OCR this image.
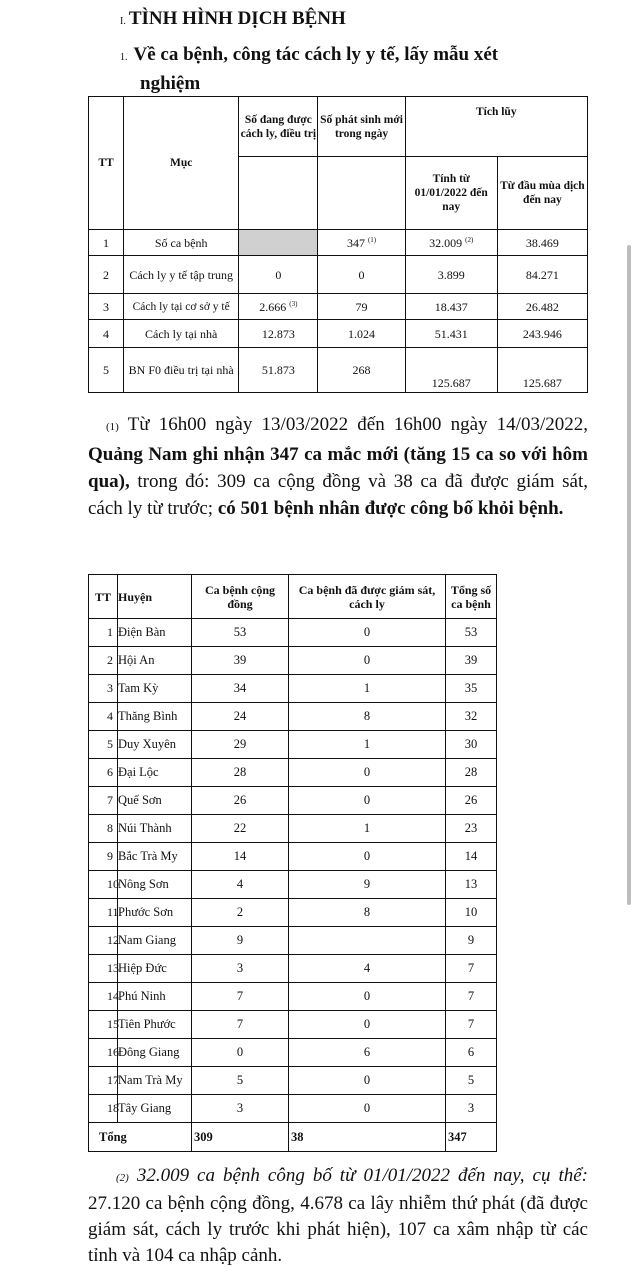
I. TÌNH HÌNH DỊCH BỆNH
1. Về ca bệnh, công tác cách ly y tế, lấy mẫu xét
nghiệm
TT	Mục	Số đang được cách ly, điều trị	Số phát sinh mới trong ngày	Tích lũy	
				Tính từ 01/01/2022 đến nay	Từ đầu mùa dịch đến nay
1	Số ca bệnh		347 $^{(1)}$	32.009 $^{(2)}$	38.469
2	Cách ly y tế tập trung	0	0	3.899	84.271
3	Cách ly tại cơ sở y tế	2.666 $^{(3)}$	79	18.437	26.482
4	Cách ly tại nhà	12.873	1.024	51.431	243.946
5	BN F0 điều trị tại nhà	51.873	268	125.687	125.687
(1) Từ 16h00 ngày 13/03/2022 đến 16h00 ngày 14/03/2022, Quảng Nam ghi nhận 347 ca mắc mới (tăng 15 ca so với hôm qua), trong đó: 309 ca cộng đồng và 38 ca đã được giám sát, cách ly từ trước; có 501 bệnh nhân được công bố khỏi bệnh.
TT	Huyện	Ca bệnh cộng đồng	Ca bệnh đã được giám sát, cách ly	Tổng số ca bệnh
1	Điện Bàn	53	0	53
2	Hội An	39	0	39
3	Tam Kỳ	34	1	35
4	Thăng Bình	24	8	32
5	Duy Xuyên	29	1	30
6	Đại Lộc	28	0	28
7	Quế Sơn	26	0	26
8	Núi Thành	22	1	23
9	Bắc Trà My	14	0	14
10	Nông Sơn	4	9	13
11	Phước Sơn	2	8	10
12	Nam Giang	9		9
13	Hiệp Đức	3	4	7
14	Phú Ninh	7	0	7
15	Tiên Phước	7	0	7
16	Đông Giang	0	6	6
17	Nam Trà My	5	0	5
18	Tây Giang	3	0	3
Tổng		309	38	347
(2) 32.009 ca bệnh công bố từ 01/01/2022 đến nay, cụ thể: 27.120 ca bệnh cộng đồng, 4.678 ca lây nhiễm thứ phát (đã được giám sát, cách ly trước khi phát hiện), 107 ca xâm nhập từ các tỉnh và 104 ca nhập cảnh.
